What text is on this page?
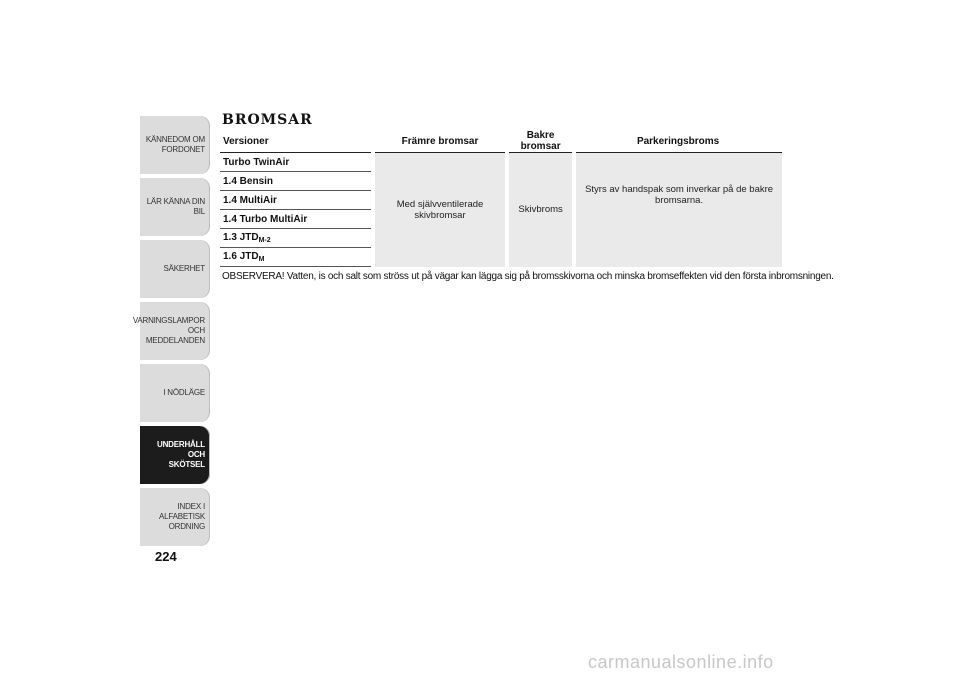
KÄNNEDOM OM
FORDONET
LÄR KÄNNA DIN BIL
SÄKERHET
VARNINGSLAMPOR
OCH MEDDELANDEN
I NÖDLÄGE
UNDERHÅLL OCH
SKÖTSEL
INDEX I ALFABETISK
ORDNING
224
BROMSAR
Versioner	Främre bromsar	Bakre bromsar	Parkeringsbroms
Turbo TwinAir	Med självventilerade skivbromsar	Skivbroms	Styrs av handspak som inverkar på de bakre bromsarna.
1.4 Bensin			
1.4 MultiAir			
1.4 Turbo MultiAir			
1.3 $JTD_{M-2}$
1.6 $JTD_M$

OBSERVERA! Vatten, is och salt som ströss ut på vägar kan lägga sig på bromsskivorna och minska bromseffekten vid den första inbromsningen.

carmanualsonline.info
